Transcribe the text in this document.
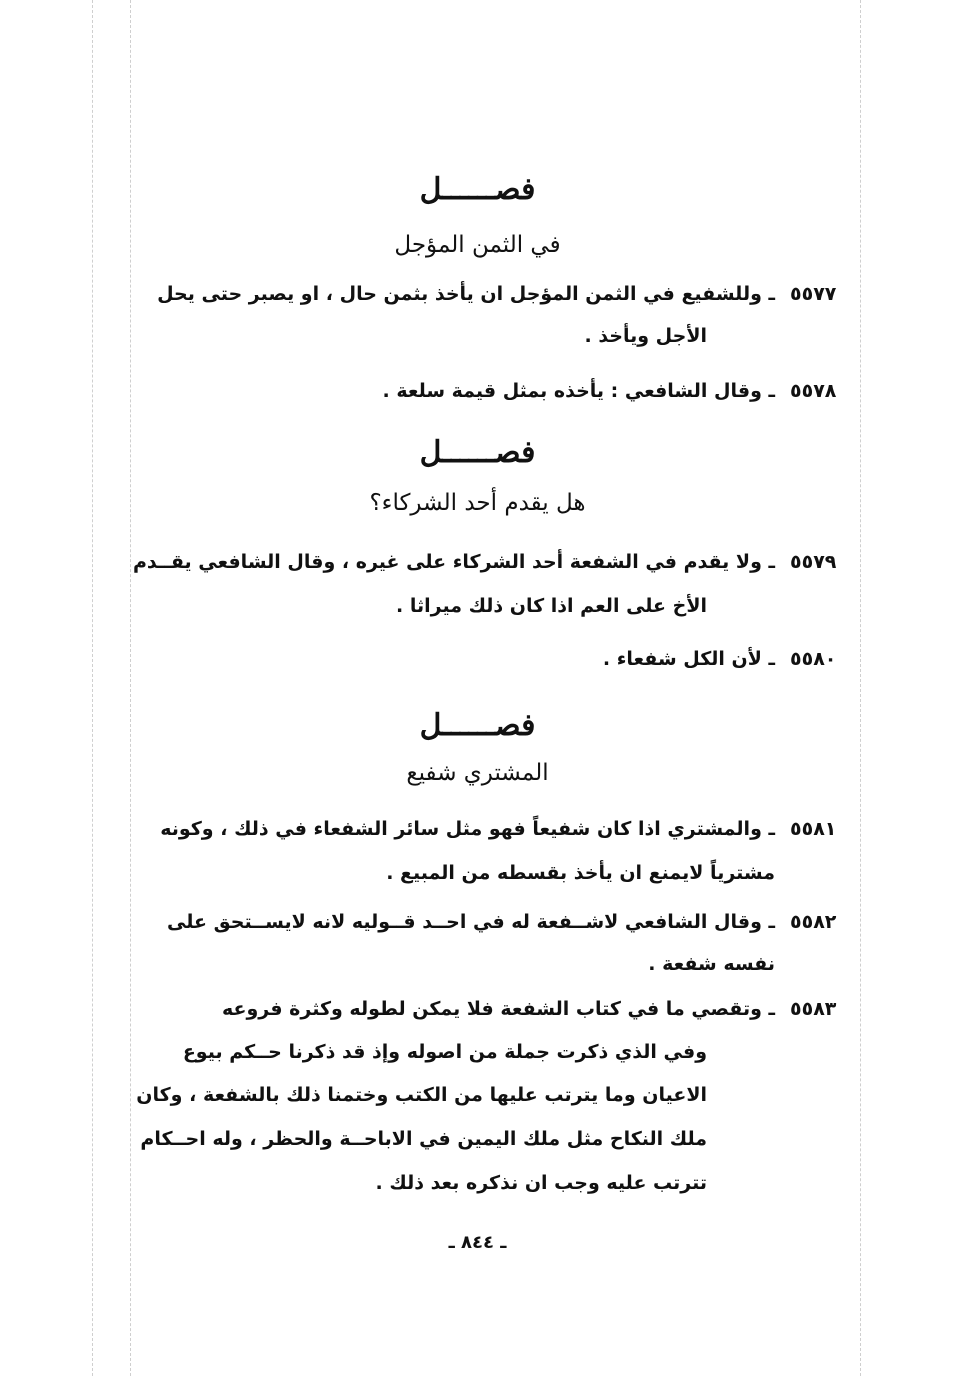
فصــــــل
في الثمن المؤجل
ـ وللشفيع في الثمن المؤجل ان يأخذ بثمن حال ، او يصبر حتى يحل ٥٥٧٧
الأجل ويأخذ .
٥٥٧٨
ـ وقال الشافعي : يأخذه بمثل قيمة سلعة .
فصــــــل
هل يقدم أحد الشركاء؟
٥٥٧٩
ـ ولا يقدم في الشفعة أحد الشركاء على غيره ، وقال الشافعي يقــدم
الأخ على العم اذا كان ذلك ميراثا .
٥٥٨٠
ـ لأن الكل شفعاء .
فصــــــل
المشتري شفيع
٥٥٨١
ـ والمشتري اذا كان شفيعاً فهو مثل سائر الشفعاء في ذلك ، وكونه
مشترياً لايمنع ان يأخذ بقسطه من المبيع .
٥٥٨٢
ـ وقال الشافعي لاشــفعة له في احــد قــوليه لانه لايســتحق على
نفسه شفعة .
٥٥٨٣
ـ وتقصي ما في كتاب الشفعة فلا يمكن لطوله وكثرة فروعه
وفي الذي ذكرت جملة من اصوله وإذ قد ذكرنا حــكم بيوع
الاعيان وما يترتب عليها من الكتب وختمنا ذلك بالشفعة ، وكان
ملك النكاح مثل ملك اليمين في الاباحــة والحظر ، وله احــكام
تترتب عليه وجب ان نذكره بعد ذلك .
ـ ٨٤٤ ـ
